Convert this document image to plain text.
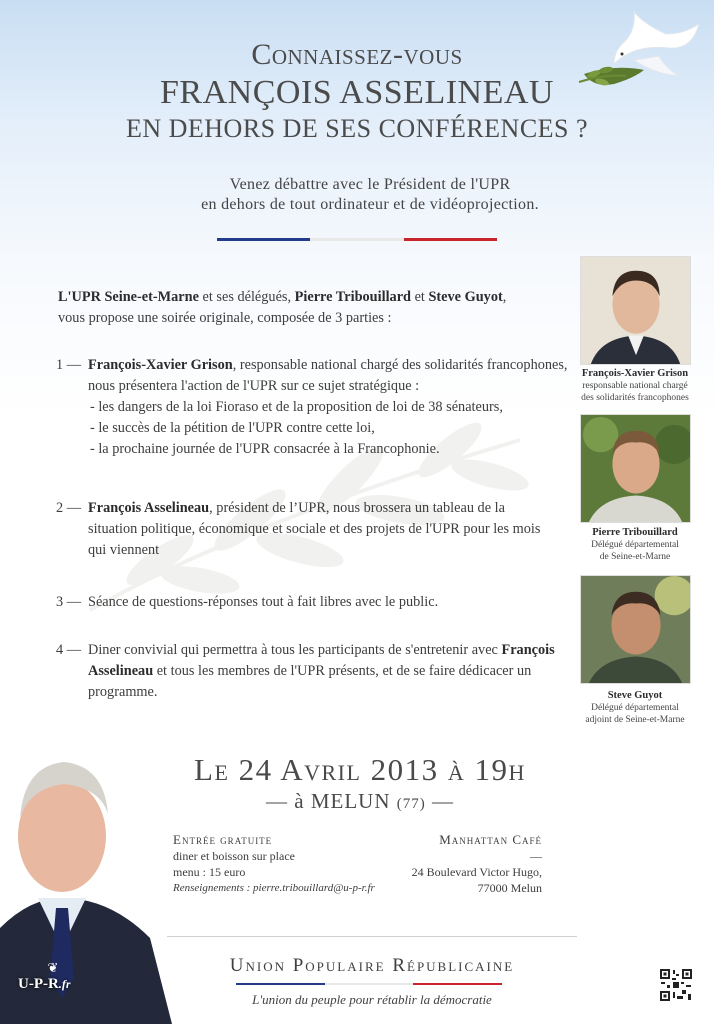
Connaissez-vous
FRANÇOIS ASSELINEAU
EN DEHORS DE SES CONFÉRENCES ?
Venez débattre avec le Président de l'UPR
en dehors de tout ordinateur et de vidéoprojection.
L'UPR Seine-et-Marne et ses délégués, Pierre Tribouillard et Steve Guyot,
vous propose une soirée originale, composée de 3 parties :
1 — François-Xavier Grison, responsable national chargé des solidarités francophones, nous présentera l'action de l'UPR sur ce sujet stratégique :
- les dangers de la loi Fioraso et de la proposition de loi de 38 sénateurs,
- le succès de la pétition de l'UPR contre cette loi,
- la prochaine journée de l'UPR consacrée à la Francophonie.
2 — François Asselineau, président de l’UPR, nous brossera un tableau de la situation politique, économique et sociale et des projets de l'UPR pour les mois qui viennent
3 — Séance de questions-réponses tout à fait libres avec le public.
4 — Diner convivial qui permettra à tous les participants de s'entretenir avec François Asselineau et tous les membres de l'UPR présents, et de se faire dédicacer un programme.
François-Xavier Grison
responsable national chargé
des solidarités francophones
Pierre Tribouillard
Délégué départemental
de Seine-et-Marne
Steve Guyot
Délégué départemental
adjoint de Seine-et-Marne
❦
U-P-R.fr
Le 24 Avril 2013 à 19h
— à MELUN (77) —
Entrée gratuite
diner et boisson sur place
menu : 15 euro
Renseignements : pierre.tribouillard@u-p-r.fr
Manhattan Café
—
24 Boulevard Victor Hugo,
77000 Melun
Union Populaire Républicaine
L'union du peuple pour rétablir la démocratie
